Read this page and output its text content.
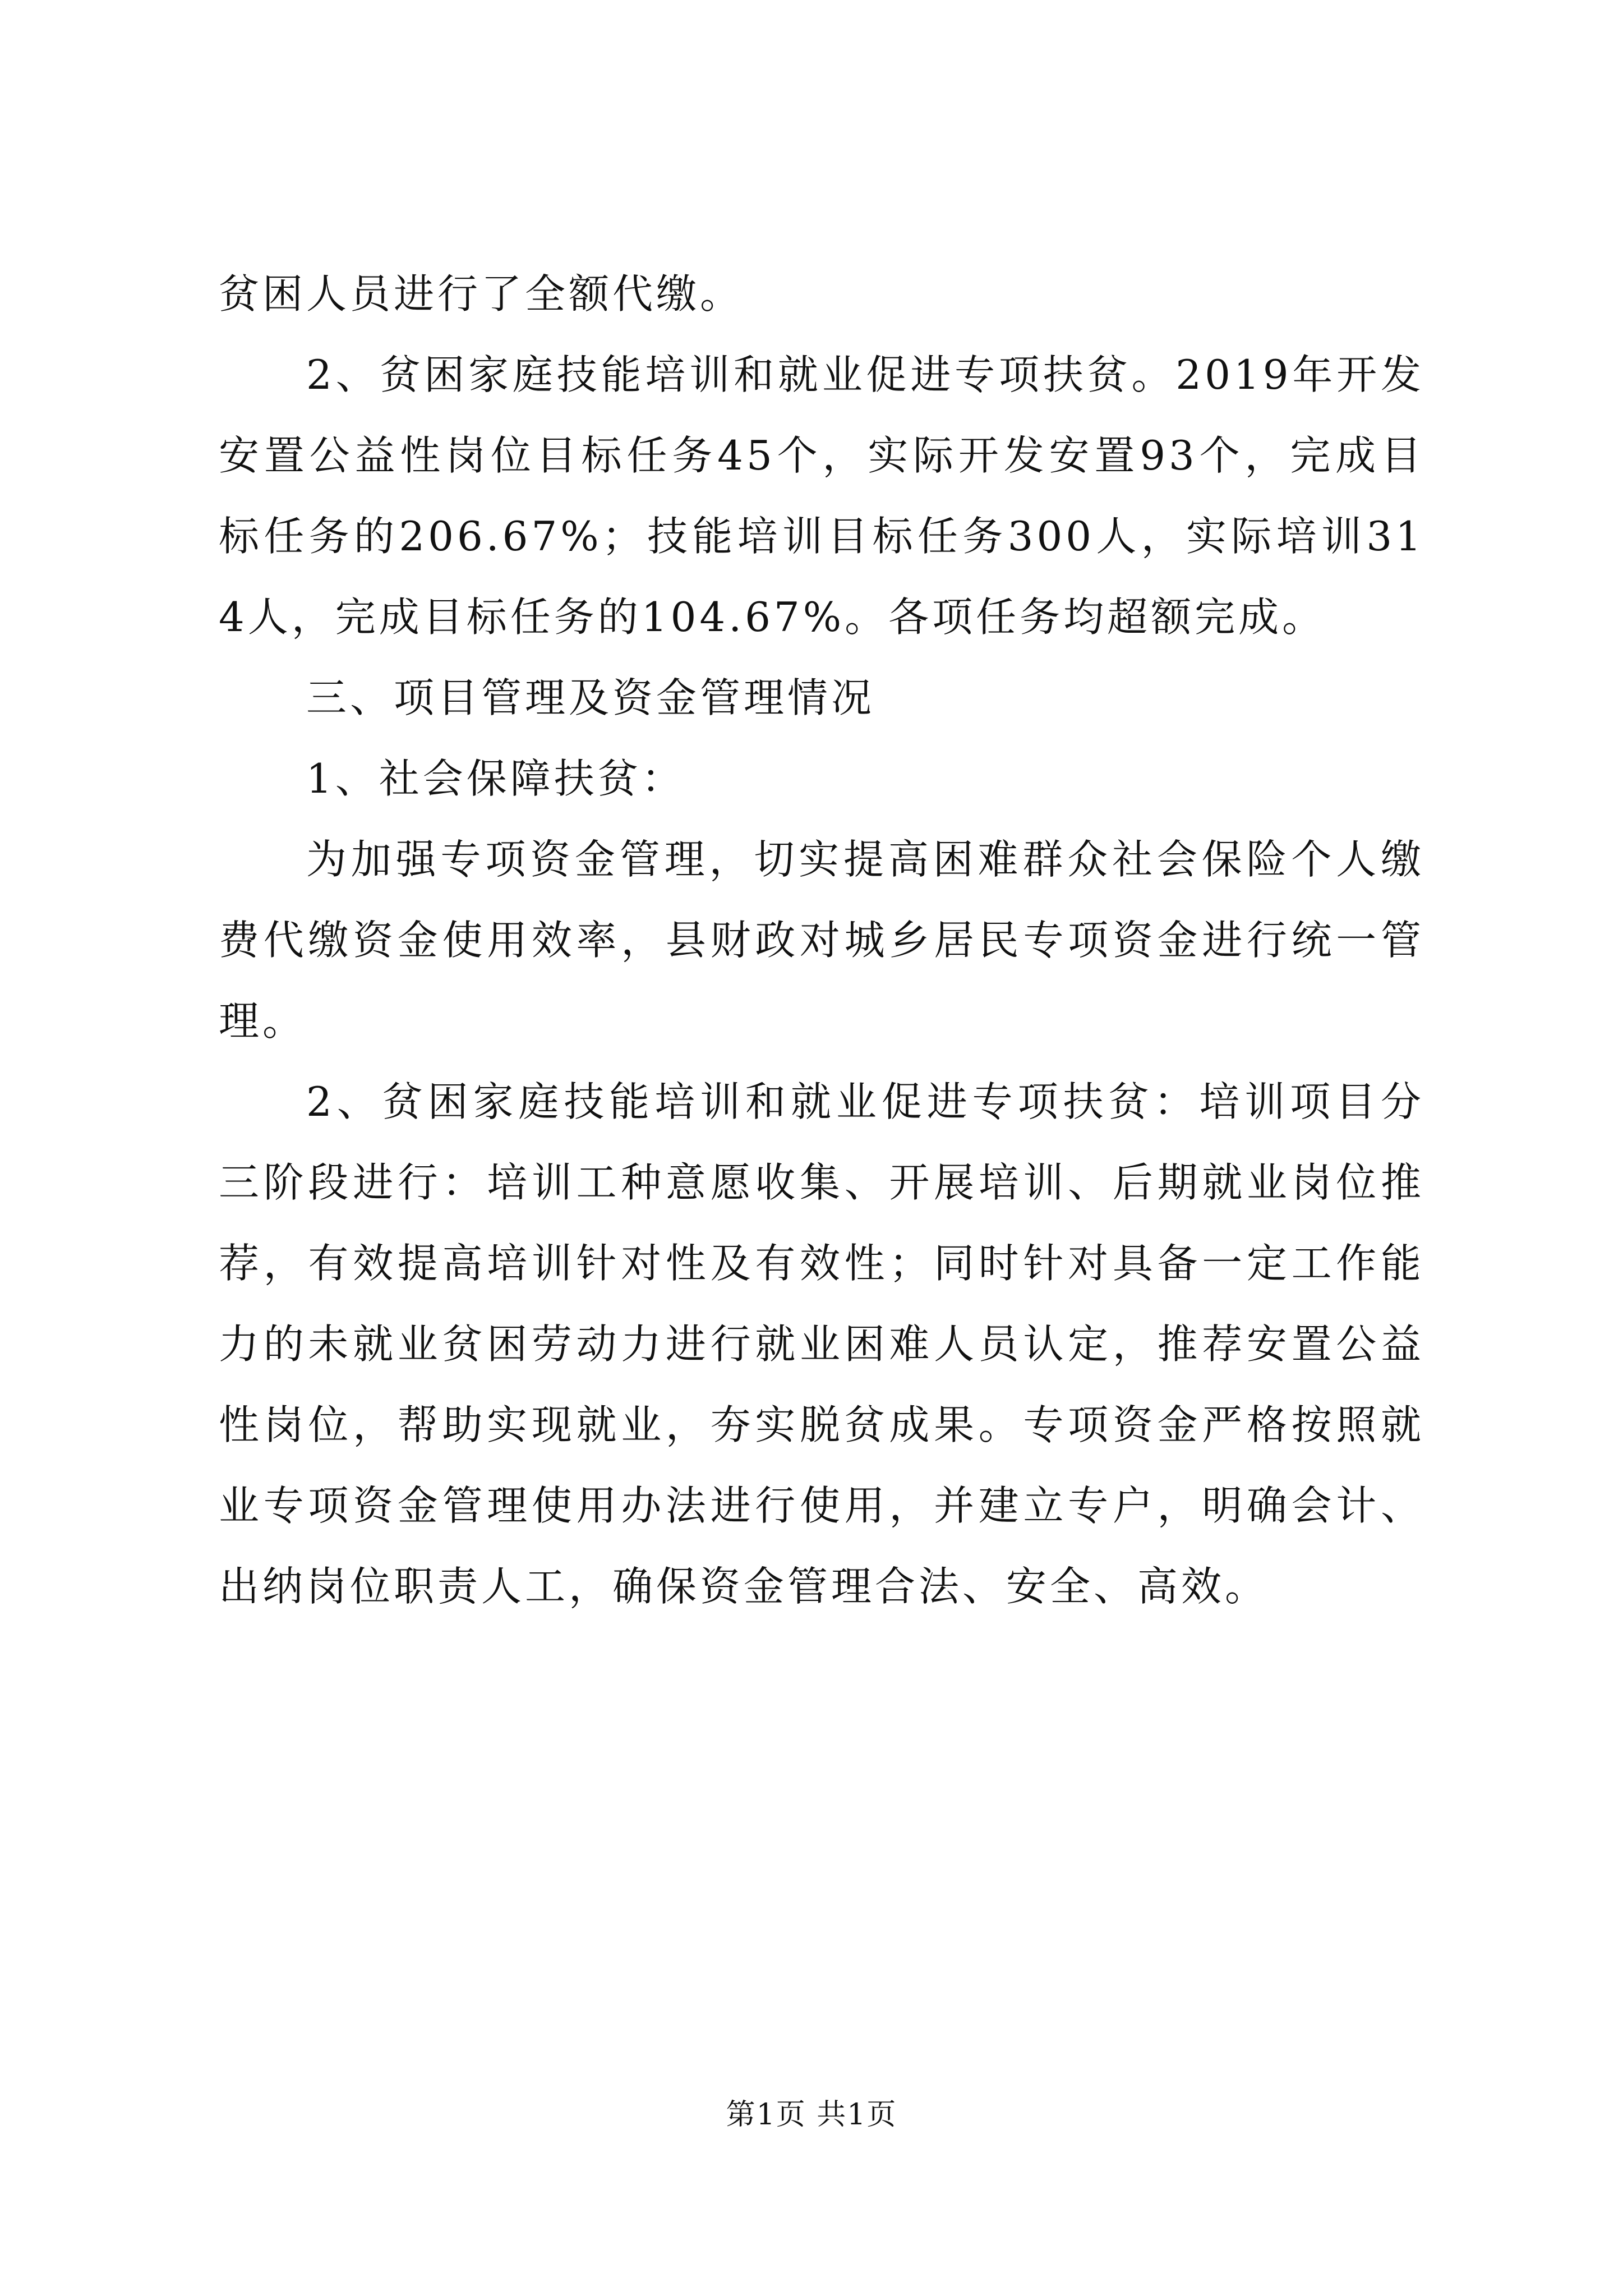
贫困人员进行了全额代缴。

2、贫困家庭技能培训和就业促进专项扶贫。2019年开发安置公益性岗位目标任务45个，实际开发安置93个，完成目标任务的206.67%；技能培训目标任务300人，实际培训314人，完成目标任务的104.67%。各项任务均超额完成。

三、项目管理及资金管理情况

1、社会保障扶贫：

为加强专项资金管理，切实提高困难群众社会保险个人缴费代缴资金使用效率，县财政对城乡居民专项资金进行统一管理。

2、贫困家庭技能培训和就业促进专项扶贫：培训项目分三阶段进行：培训工种意愿收集、开展培训、后期就业岗位推荐，有效提高培训针对性及有效性；同时针对具备一定工作能力的未就业贫困劳动力进行就业困难人员认定，推荐安置公益性岗位，帮助实现就业，夯实脱贫成果。专项资金严格按照就业专项资金管理使用办法进行使用，并建立专户，明确会计、出纳岗位职责人工，确保资金管理合法、安全、高效。

第1页 共1页
